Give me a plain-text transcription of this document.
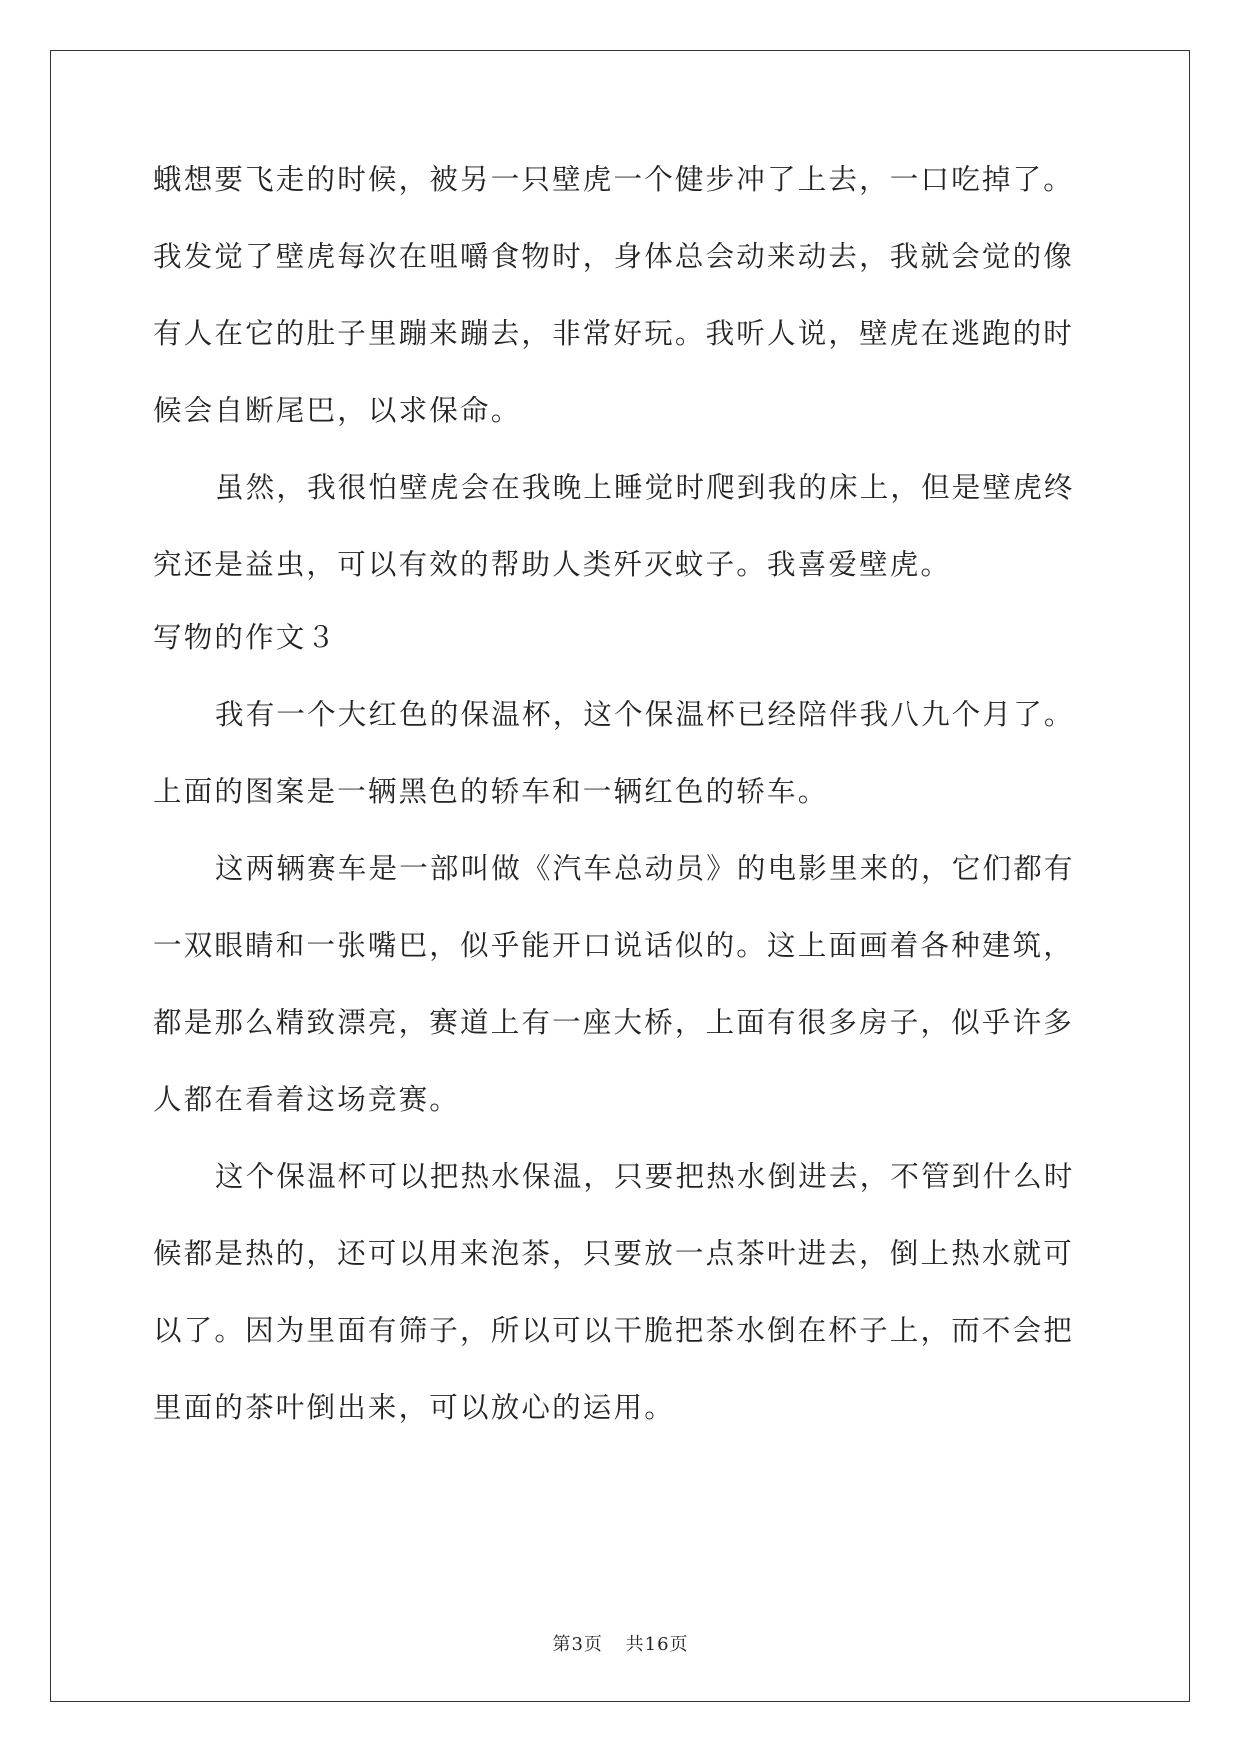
蛾想要飞走的时候，被另一只壁虎一个健步冲了上去，一口吃掉了。
我发觉了壁虎每次在咀嚼食物时，身体总会动来动去，我就会觉的像
有人在它的肚子里蹦来蹦去，非常好玩。我听人说，壁虎在逃跑的时
候会自断尾巴，以求保命。
虽然，我很怕壁虎会在我晚上睡觉时爬到我的床上，但是壁虎终
究还是益虫，可以有效的帮助人类歼灭蚊子。我喜爱壁虎。
写物的作文３
我有一个大红色的保温杯，这个保温杯已经陪伴我八九个月了。
上面的图案是一辆黑色的轿车和一辆红色的轿车。
这两辆赛车是一部叫做《汽车总动员》的电影里来的，它们都有
一双眼睛和一张嘴巴，似乎能开口说话似的。这上面画着各种建筑，
都是那么精致漂亮，赛道上有一座大桥，上面有很多房子，似乎许多
人都在看着这场竞赛。
这个保温杯可以把热水保温，只要把热水倒进去，不管到什么时
候都是热的，还可以用来泡茶，只要放一点茶叶进去，倒上热水就可
以了。因为里面有筛子，所以可以干脆把茶水倒在杯子上，而不会把
里面的茶叶倒出来，可以放心的运用。
第3页 共16页
